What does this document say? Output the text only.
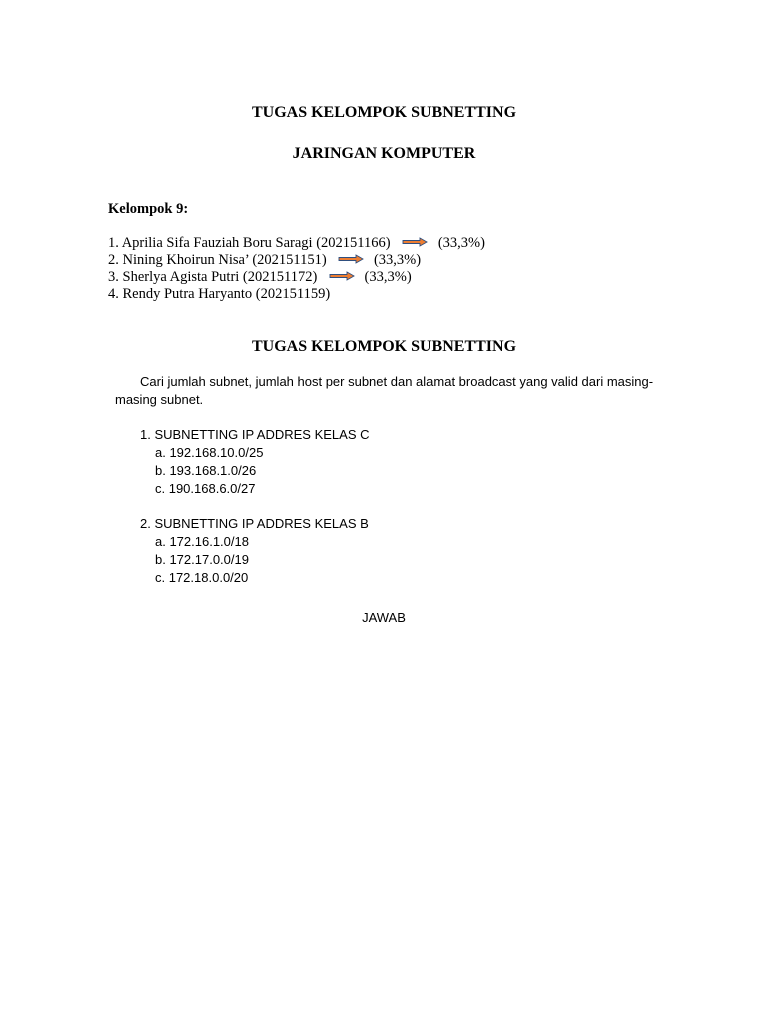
TUGAS KELOMPOK SUBNETTING
JARINGAN KOMPUTER
Kelompok 9:
1. Aprilia Sifa Fauziah Boru Saragi (202151166)	(33,3%)
2. Nining Khoirun Nisa’ (202151151)	(33,3%)
3. Sherlya Agista Putri (202151172)	(33,3%)
4. Rendy Putra Haryanto (202151159)
TUGAS KELOMPOK SUBNETTING
Cari jumlah subnet, jumlah host per subnet dan alamat broadcast yang valid dari masing-
masing subnet.
1. SUBNETTING IP ADDRES KELAS C
a. 192.168.10.0/25
b. 193.168.1.0/26
c. 190.168.6.0/27
2. SUBNETTING IP ADDRES KELAS B
a. 172.16.1.0/18
b. 172.17.0.0/19
c. 172.18.0.0/20
JAWAB
